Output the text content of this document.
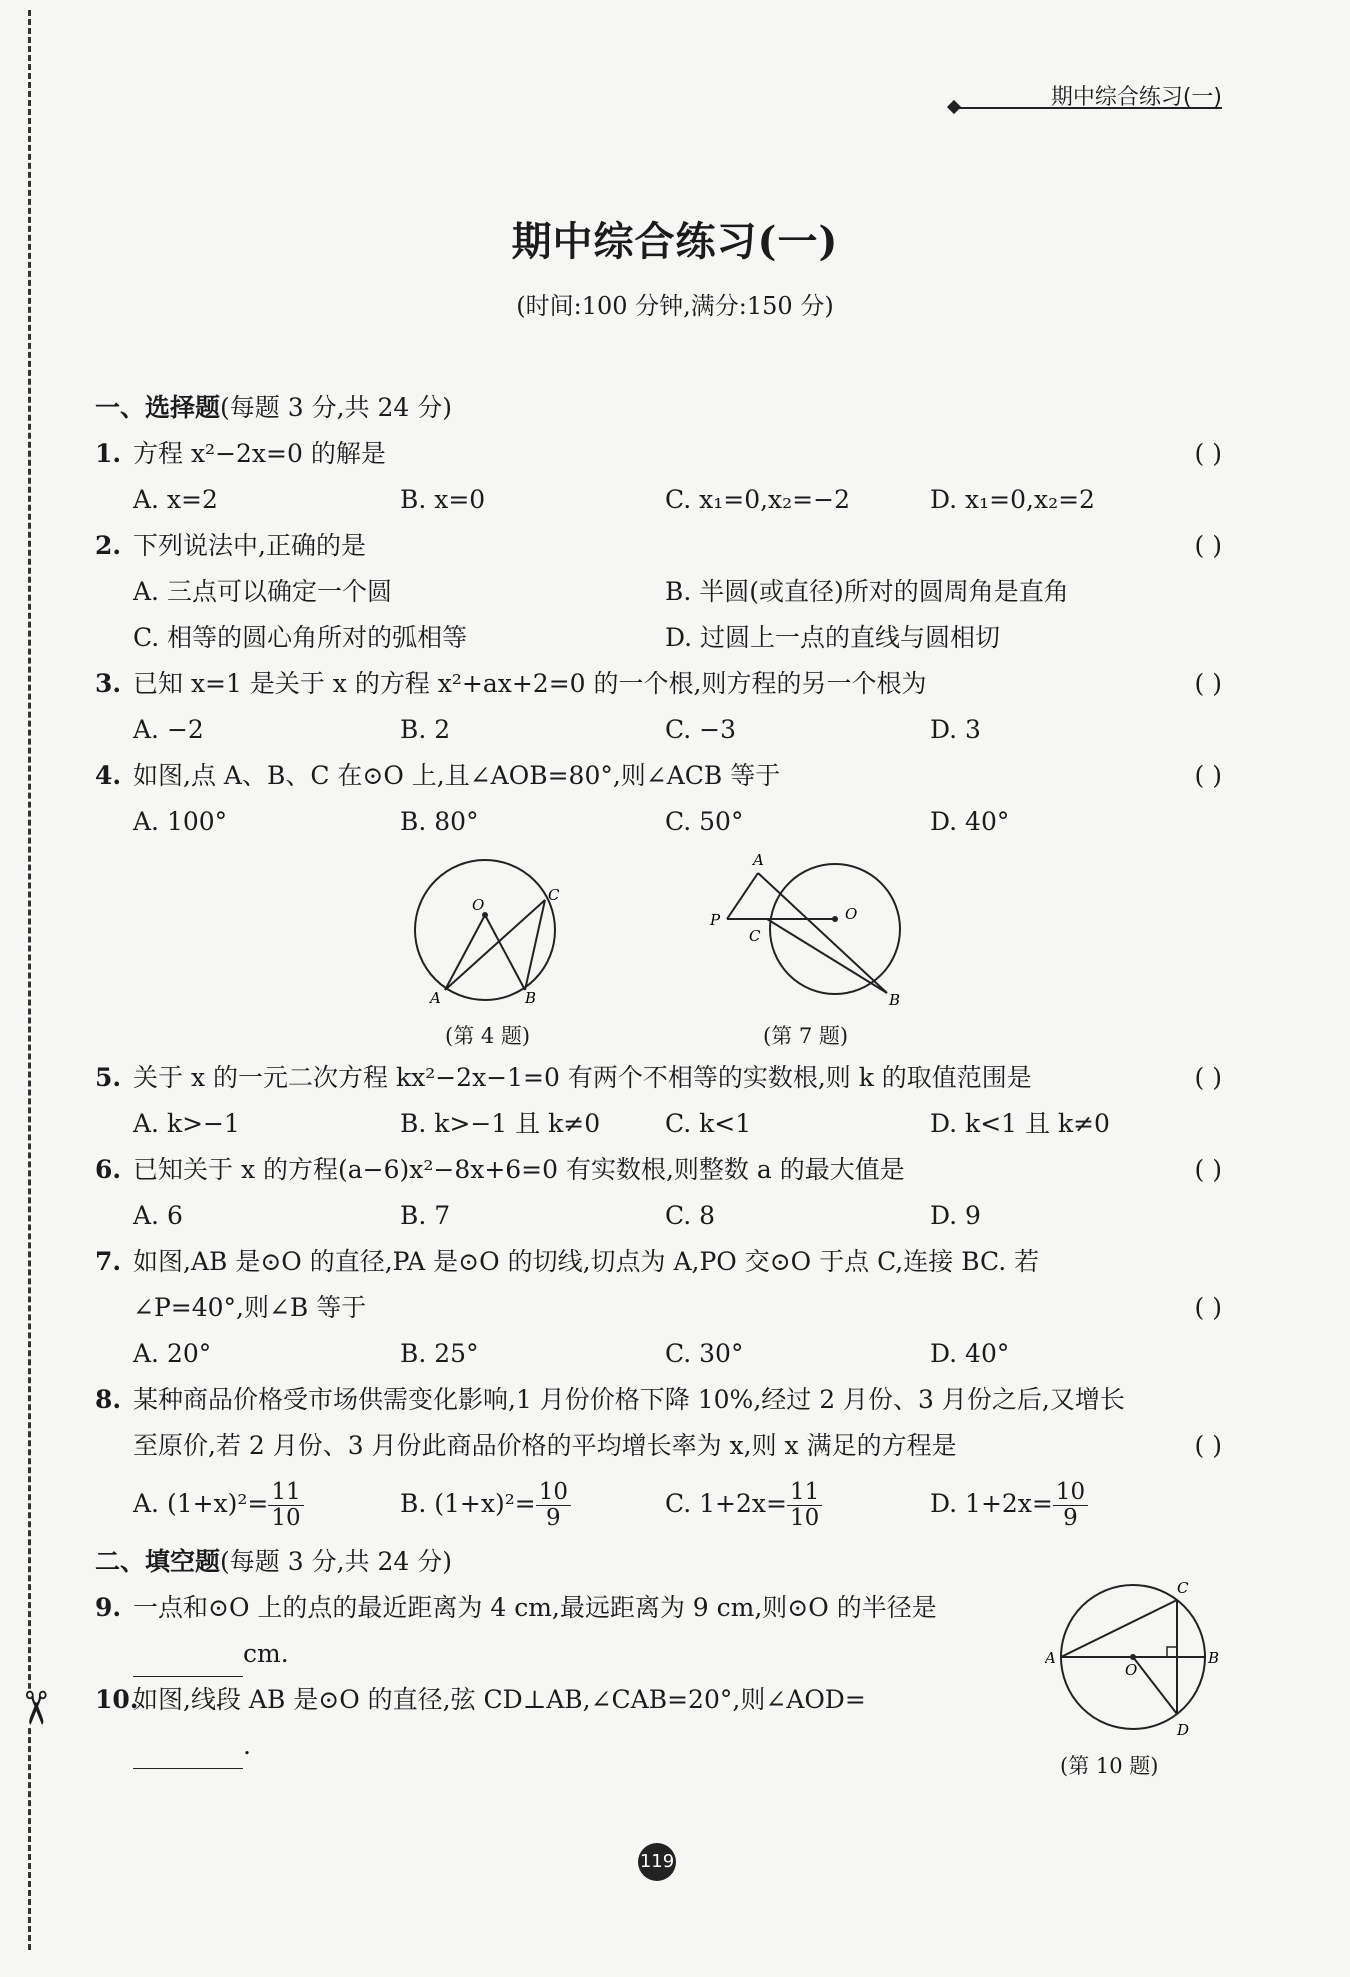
✂
期中综合练习(一)
期中综合练习(一)
(时间:100 分钟,满分:150 分)
一、选择题(每题 3 分,共 24 分)
1. 方程 x²−2x=0 的解是	( )
A. x=2	B. x=0	C. x₁=0,x₂=−2	D. x₁=0,x₂=2
2. 下列说法中,正确的是	( )
A. 三点可以确定一个圆	B. 半圆(或直径)所对的圆周角是直角
C. 相等的圆心角所对的弧相等	D. 过圆上一点的直线与圆相切
3. 已知 x=1 是关于 x 的方程 x²+ax+2=0 的一个根,则方程的另一个根为	( )
A. −2	B. 2	C. −3	D. 3
4. 如图,点 A、B、C 在⊙O 上,且∠AOB=80°,则∠ACB 等于	( )
A. 100°	B. 80°	C. 50°	D. 40°
O
A	B
C
(第 4 题)
A
P
C
O
B
(第 7 题)
5. 关于 x 的一元二次方程 kx²−2x−1=0 有两个不相等的实数根,则 k 的取值范围是	( )
A. k>−1	B. k>−1 且 k≠0	C. k<1	D. k<1 且 k≠0
6. 已知关于 x 的方程(a−6)x²−8x+6=0 有实数根,则整数 a 的最大值是	( )
A. 6	B. 7	C. 8	D. 9
7. 如图,AB 是⊙O 的直径,PA 是⊙O 的切线,切点为 A,PO 交⊙O 于点 C,连接 BC. 若
∠P=40°,则∠B 等于	( )
A. 20°	B. 25°	C. 30°	D. 40°
8. 某种商品价格受市场供需变化影响,1 月份价格下降 10%,经过 2 月份、3 月份之后,又增长
至原价,若 2 月份、3 月份此商品价格的平均增长率为 x,则 x 满足的方程是	( )
A. $(1+x)^2= \frac{11}{10}$	B. $(1+x)^2= \frac{10}{9}$	C. $1+2x= \frac{11}{10}$	D. $1+2x= \frac{10}{9}$
二、填空题(每题 3 分,共 24 分)
9. 一点和⊙O 上的点的最近距离为 4 cm,最远距离为 9 cm,则⊙O 的半径是
cm.
10.如图,线段 AB 是⊙O 的直径,弦 CD⊥AB,∠CAB=20°,则∠AOD=
.
A
O
B
C
D
(第 10 题)
119
